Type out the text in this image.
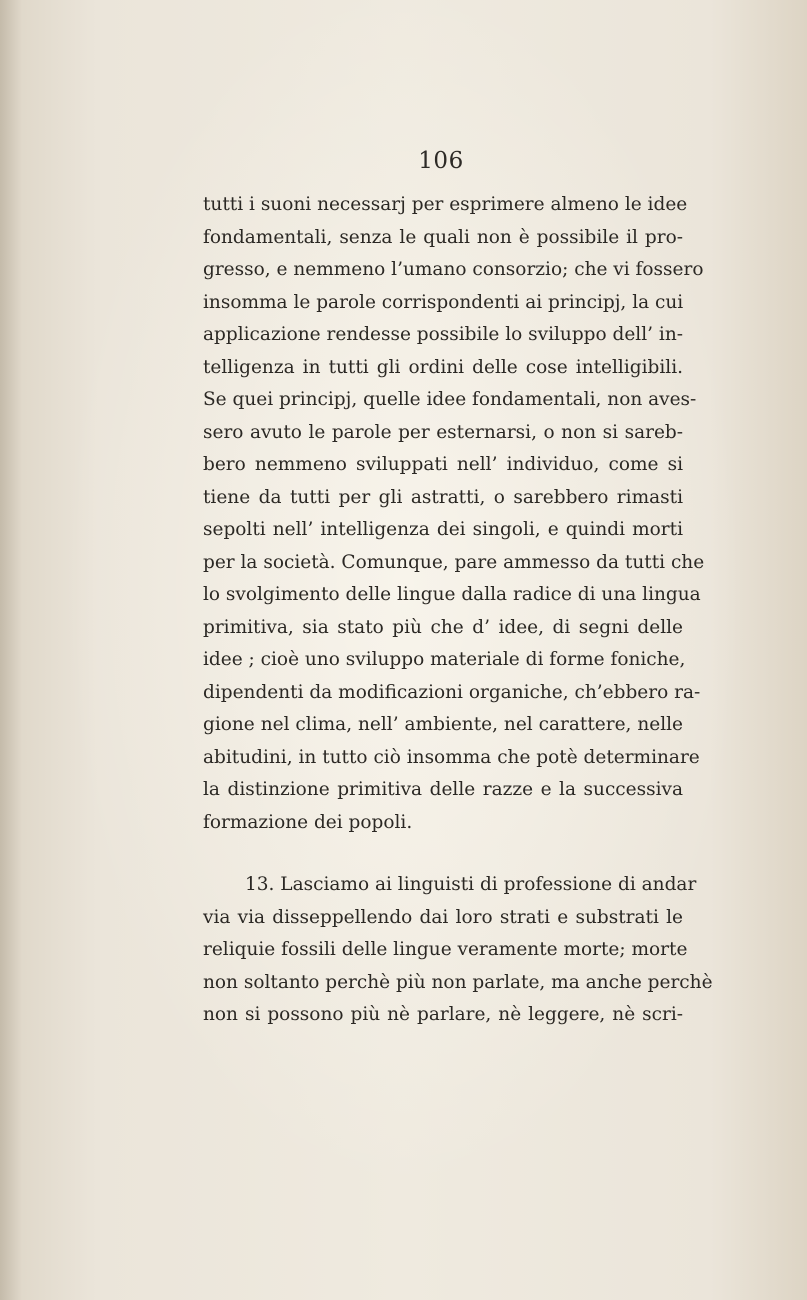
106
tutti i suoni necessarj per esprimere almeno le idee
fondamentali, senza le quali non è possibile il pro-
gresso, e nemmeno l’umano consorzio; che vi fossero
insomma le parole corrispondenti ai principj, la cui
applicazione rendesse possibile lo sviluppo dell’ in-
telligenza in tutti gli ordini delle cose intelligibili.
Se quei principj, quelle idee fondamentali, non aves-
sero avuto le parole per esternarsi, o non si sareb-
bero nemmeno sviluppati nell’ individuo, come si
tiene da tutti per gli astratti, o sarebbero rimasti
sepolti nell’ intelligenza dei singoli, e quindi morti
per la società. Comunque, pare ammesso da tutti che
lo svolgimento delle lingue dalla radice di una lingua
primitiva, sia stato più che d’ idee, di segni delle
idee ; cioè uno sviluppo materiale di forme foniche,
dipendenti da modificazioni organiche, ch’ebbero ra-
gione nel clima, nell’ ambiente, nel carattere, nelle
abitudini, in tutto ciò insomma che potè determinare
la distinzione primitiva delle razze e la successiva
formazione dei popoli.
13. Lasciamo ai linguisti di professione di andar
via via disseppellendo dai loro strati e substrati le
reliquie fossili delle lingue veramente morte; morte
non soltanto perchè più non parlate, ma anche perchè
non si possono più nè parlare, nè leggere, nè scri-
